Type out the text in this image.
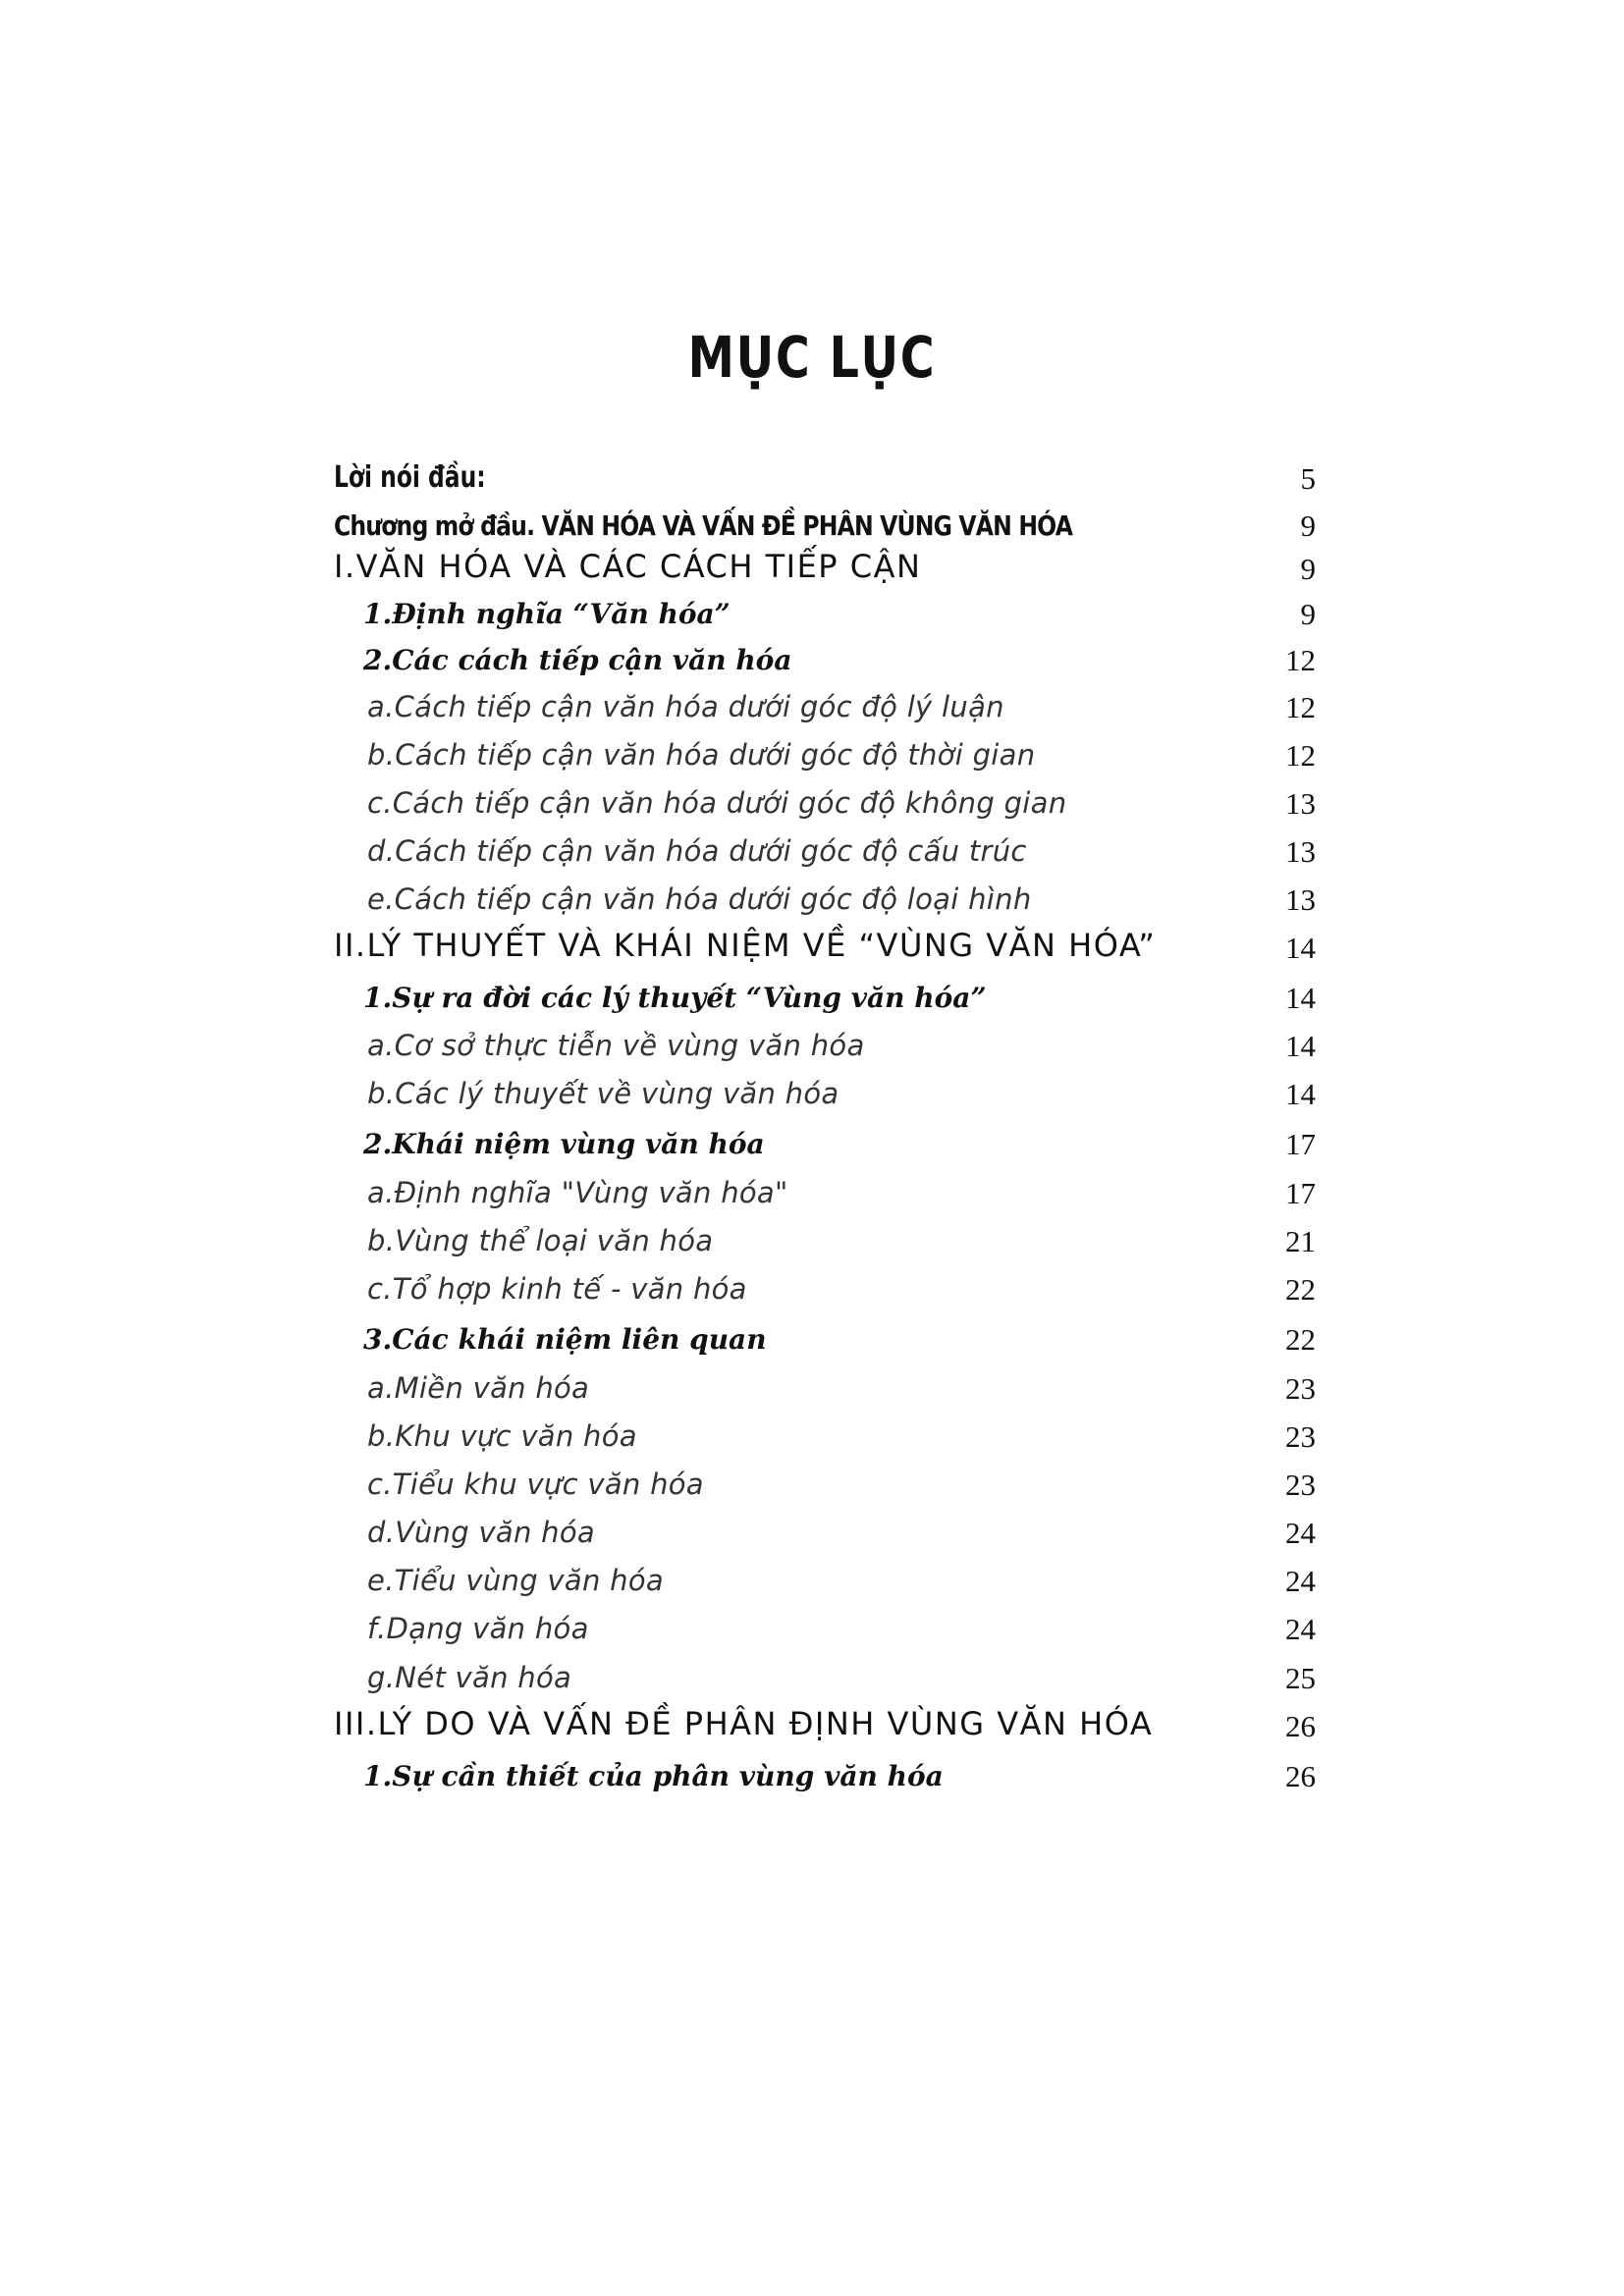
MỤC LỤC
Lời nói đầu:	5
Chương mở đầu. VĂN HÓA VÀ VẤN ĐỀ PHÂN VÙNG VĂN HÓA	9
I.VĂN HÓA VÀ CÁC CÁCH TIẾP CẬN	9
1.Định nghĩa “Văn hóa”	9
2.Các cách tiếp cận văn hóa	12
a.Cách tiếp cận văn hóa dưới góc độ lý luận	12
b.Cách tiếp cận văn hóa dưới góc độ thời gian	12
c.Cách tiếp cận văn hóa dưới góc độ không gian	13
d.Cách tiếp cận văn hóa dưới góc độ cấu trúc	13
e.Cách tiếp cận văn hóa dưới góc độ loại hình	13
II.LÝ THUYẾT VÀ KHÁI NIỆM VỀ “VÙNG VĂN HÓA”	14
1.Sự ra đời các lý thuyết “Vùng văn hóa”	14
a.Cơ sở thực tiễn về vùng văn hóa	14
b.Các lý thuyết về vùng văn hóa	14
2.Khái niệm vùng văn hóa	17
a.Định nghĩa "Vùng văn hóa"	17
b.Vùng thể loại văn hóa	21
c.Tổ hợp kinh tế - văn hóa	22
3.Các khái niệm liên quan	22
a.Miền văn hóa	23
b.Khu vực văn hóa	23
c.Tiểu khu vực văn hóa	23
d.Vùng văn hóa	24
e.Tiểu vùng văn hóa	24
f.Dạng văn hóa	24
g.Nét văn hóa	25
III.LÝ DO VÀ VẤN ĐỀ PHÂN ĐỊNH VÙNG VĂN HÓA	26
1.Sự cần thiết của phân vùng văn hóa	26
